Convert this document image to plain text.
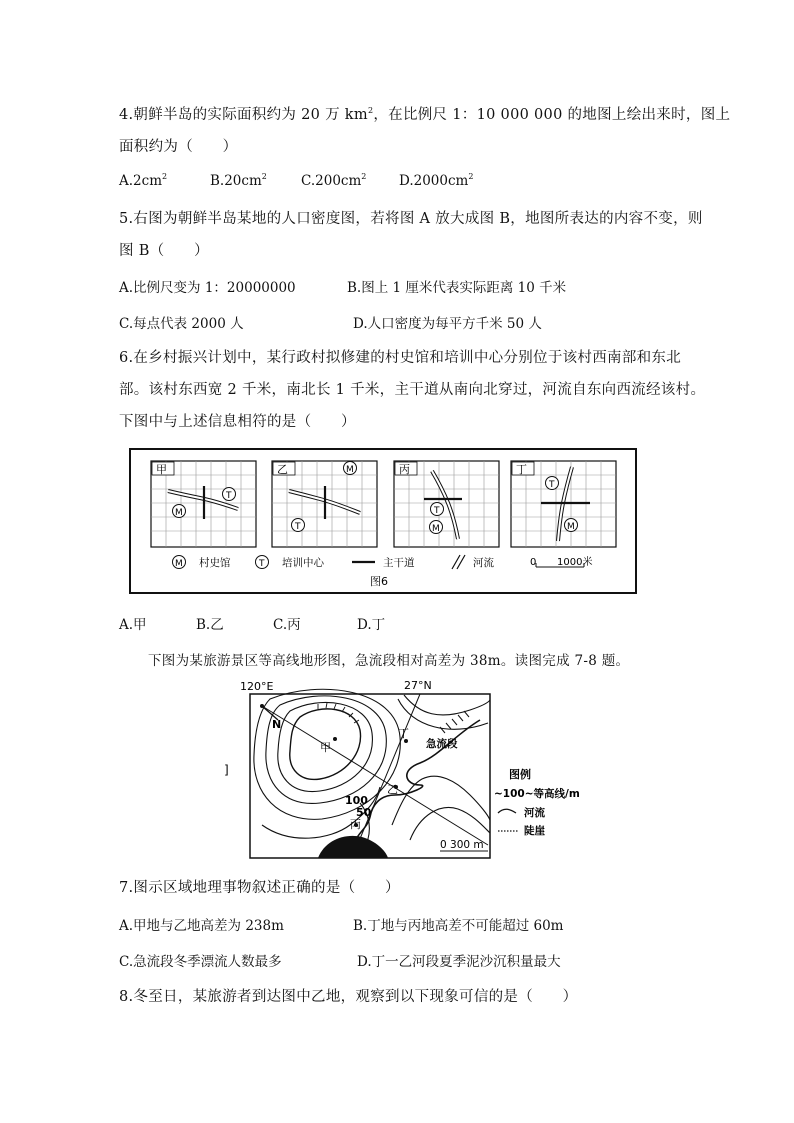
4.朝鲜半岛的实际面积约为 20 万 $km^2$，在比例尺 1：10 000 000 的地图上绘出来时，图上
面积约为（　　）
$A.2cm^2$	$B.20cm^2$	$C.200cm^2$ $D.2000cm^2$
5.右图为朝鲜半岛某地的人口密度图，若将图 A 放大成图 B，地图所表达的内容不变，则
图 B（　　）
A.比例尺变为 1：20000000	B.图上 1 厘米代表实际距离 10 千米
C.每点代表 2000 人	D.人口密度为每平方千米 50 人
6.在乡村振兴计划中，某行政村拟修建的村史馆和培训中心分别位于该村西南部和东北
部。该村东西宽 2 千米，南北长 1 千米，主干道从南向北穿过，河流自东向西流经该村。
下图中与上述信息相符的是（　　）
甲
M
T
乙	M
T
丙
M
T
丁
T
M
M 村史馆	T 培训中心	主干道	河流	0 1000米
图6
A.甲	B.乙	C.丙	D.丁
下图为某旅游景区等高线地形图，急流段相对高差为 38m。读图完成 7-8 题。
120°E	27°N
N
甲
丁
乙
丙
急流段
100
50
0 300 m
图例
~100~等高线/m
河流
陡崖
]
7.图示区域地理事物叙述正确的是（　　）
A.甲地与乙地高差为 238m	B.丁地与丙地高差不可能超过 60m
C.急流段冬季漂流人数最多	D.丁一乙河段夏季泥沙沉积量最大
8.冬至日，某旅游者到达图中乙地，观察到以下现象可信的是（　　）
